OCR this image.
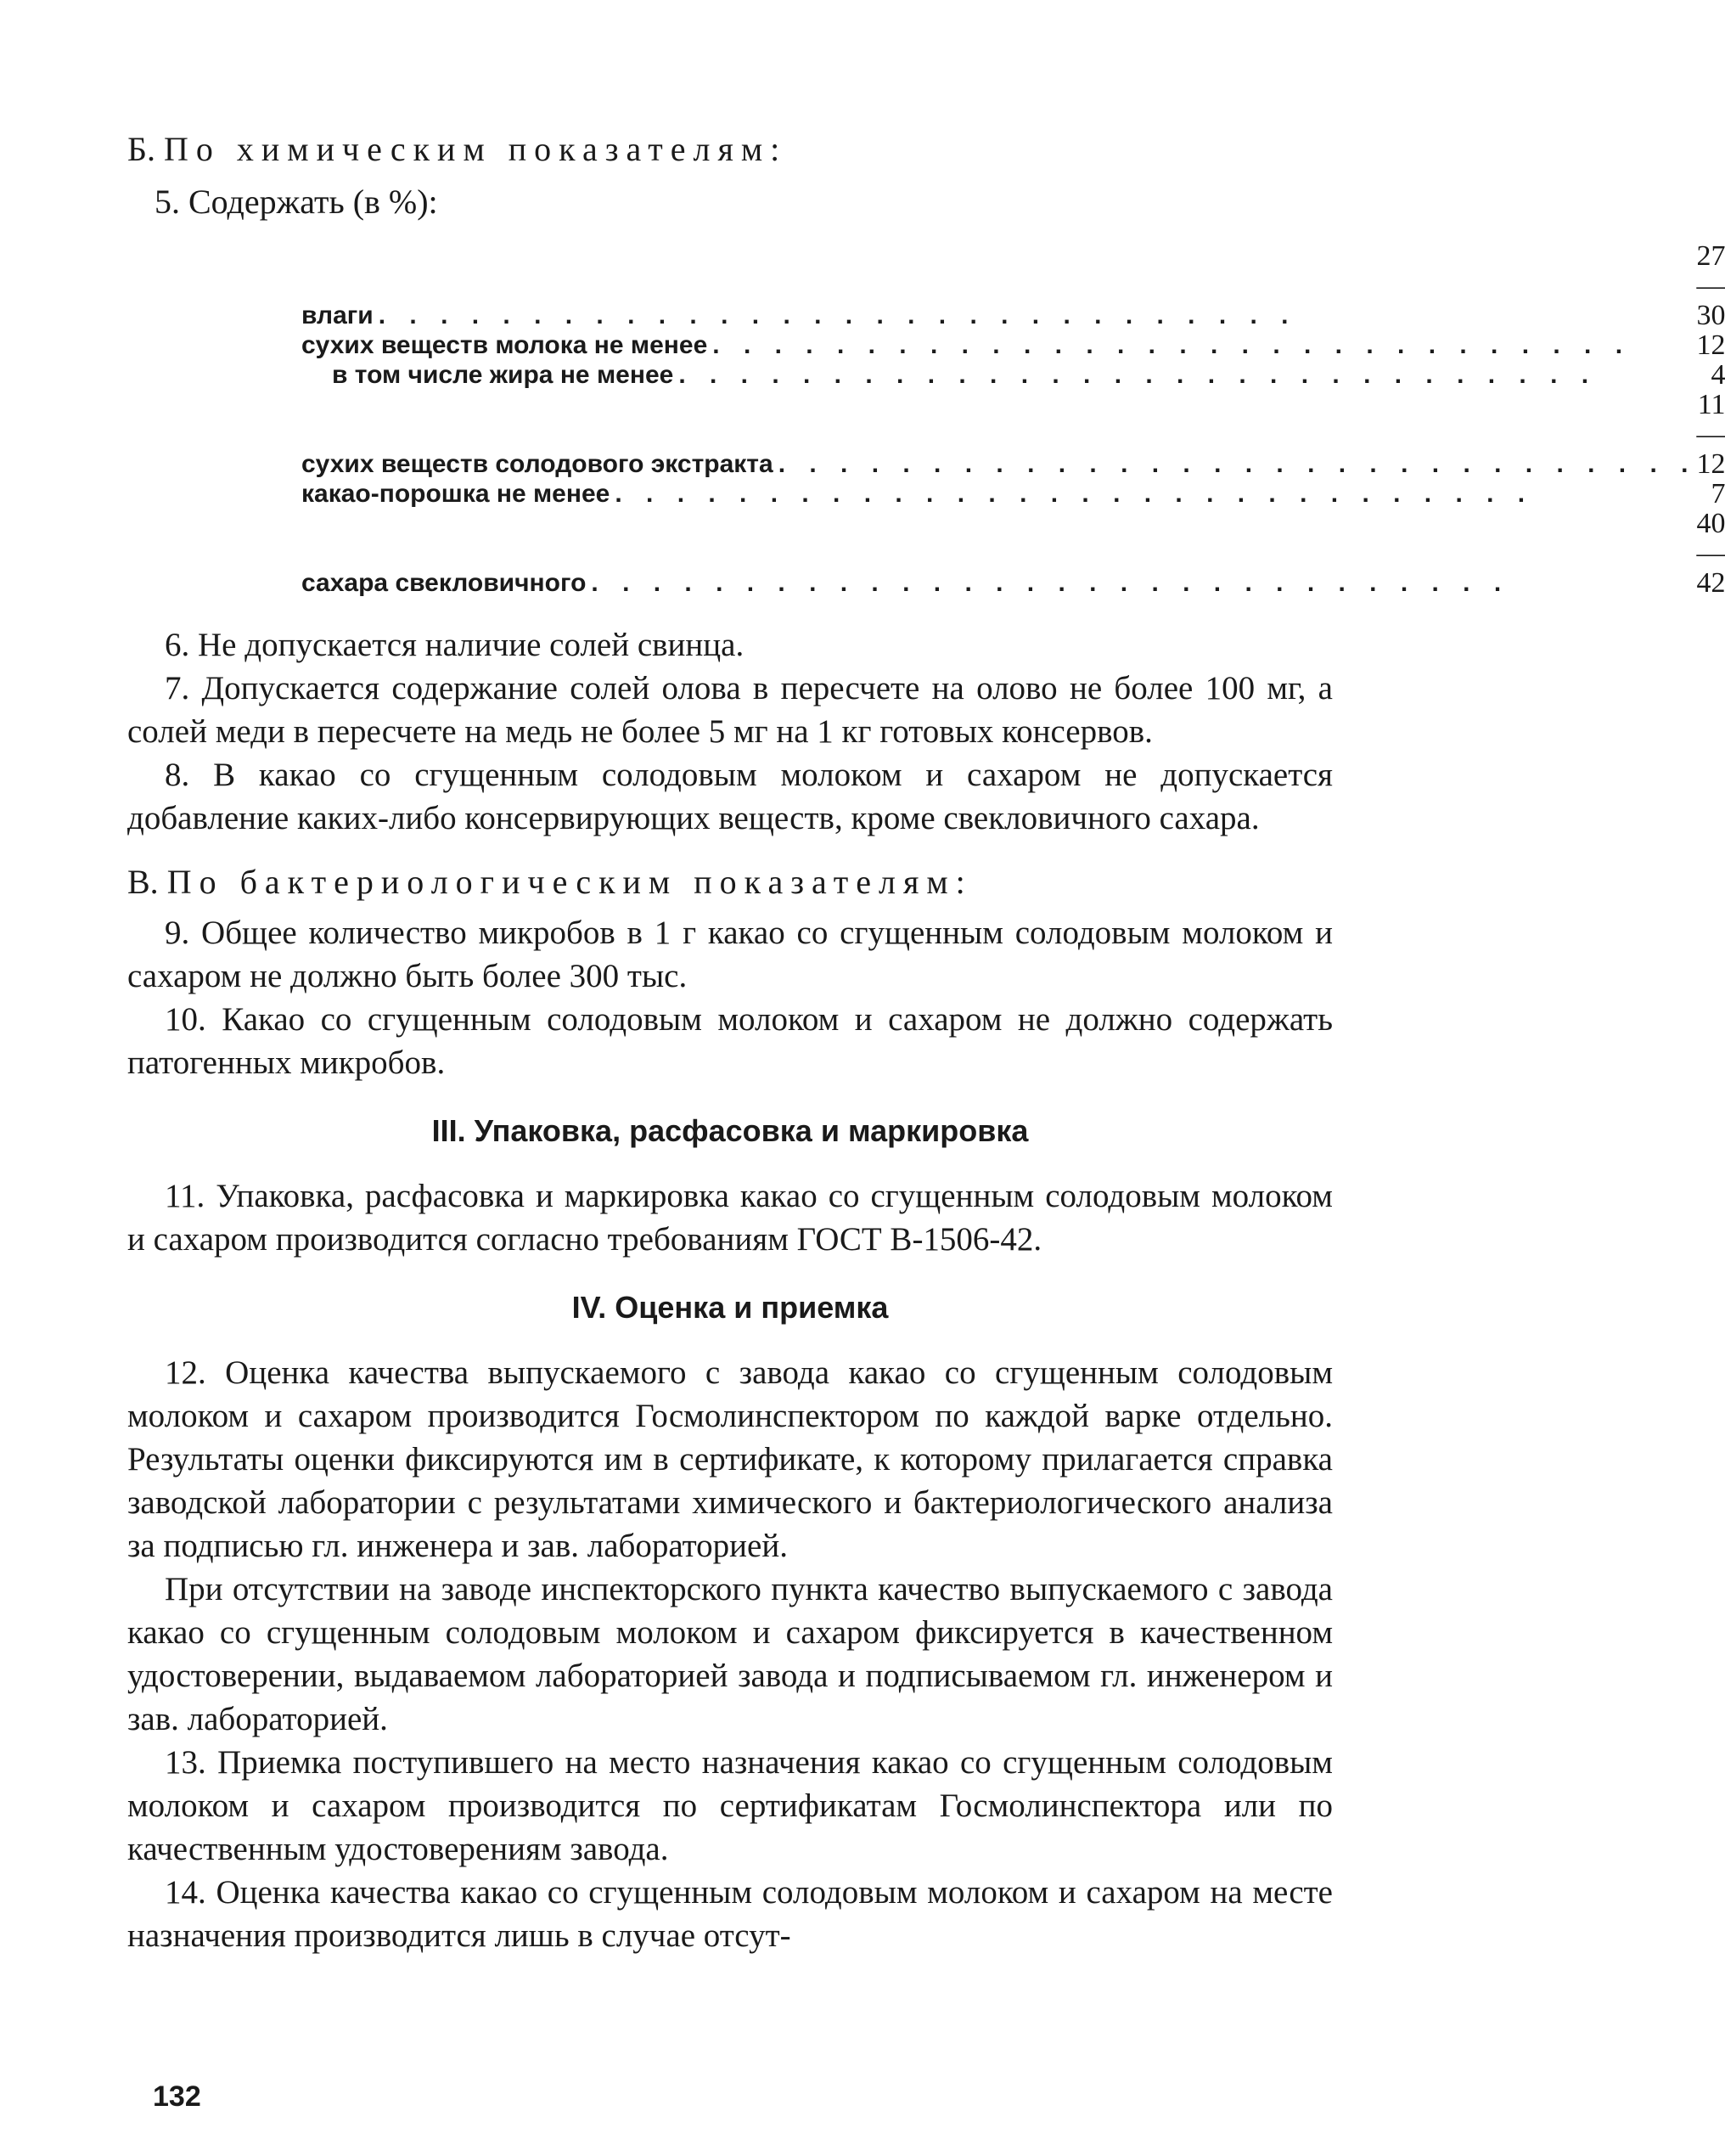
Б. По химическим показателям:
5. Содержать (в %):
влаги . . . . . . . . . . . . . . . . . . . . . . . . . . . . . .	27—30
сухих веществ молока не менее . . . . . . . . . . . . . . . . . . . . . . . . . . . . . .	12
в том числе жира не менее . . . . . . . . . . . . . . . . . . . . . . . . . . . . . .	4
сухих веществ солодового экстракта . . . . . . . . . . . . . . . . . . . . . . . . . . . . . .	11—12
какао-порошка не менее . . . . . . . . . . . . . . . . . . . . . . . . . . . . . .	7
сахара свекловичного . . . . . . . . . . . . . . . . . . . . . . . . . . . . . .	40—42

6. Не допускается наличие солей свинца.

7. Допускается содержание солей олова в пересчете на олово не более 100 мг, а солей меди в пересчете на медь не более 5 мг на 1 кг готовых консервов.

8. В какао со сгущенным солодовым молоком и сахаром не допускается добавление каких-либо консервирующих веществ, кроме свекловичного сахара.

В. По бактериологическим показателям:

9. Общее количество микробов в 1 г какао со сгущенным солодовым молоком и сахаром не должно быть более 300 тыс.

10. Какао со сгущенным солодовым молоком и сахаром не должно содержать патогенных микробов.

III. Упаковка, расфасовка и маркировка

11. Упаковка, расфасовка и маркировка какао со сгущенным солодовым молоком и сахаром производится согласно требованиям ГОСТ В-1506-42.

IV. Оценка и приемка

12. Оценка качества выпускаемого с завода какао со сгущенным солодовым молоком и сахаром производится Госмолинспектором по каждой варке отдельно. Результаты оценки фиксируются им в сертификате, к которому прилагается справка заводской лаборатории с результатами химического и бактериологического анализа за подписью гл. инженера и зав. лабораторией.

При отсутствии на заводе инспекторского пункта качество выпускаемого с завода какао со сгущенным солодовым молоком и сахаром фиксируется в качественном удостоверении, выдаваемом лабораторией завода и подписываемом гл. инженером и зав. лабораторией.

13. Приемка поступившего на место назначения какао со сгущенным солодовым молоком и сахаром производится по сертификатам Госмолинспектора или по качественным удостоверениям завода.

14. Оценка качества какао со сгущенным солодовым молоком и сахаром на месте назначения производится лишь в случае отсут-

132
